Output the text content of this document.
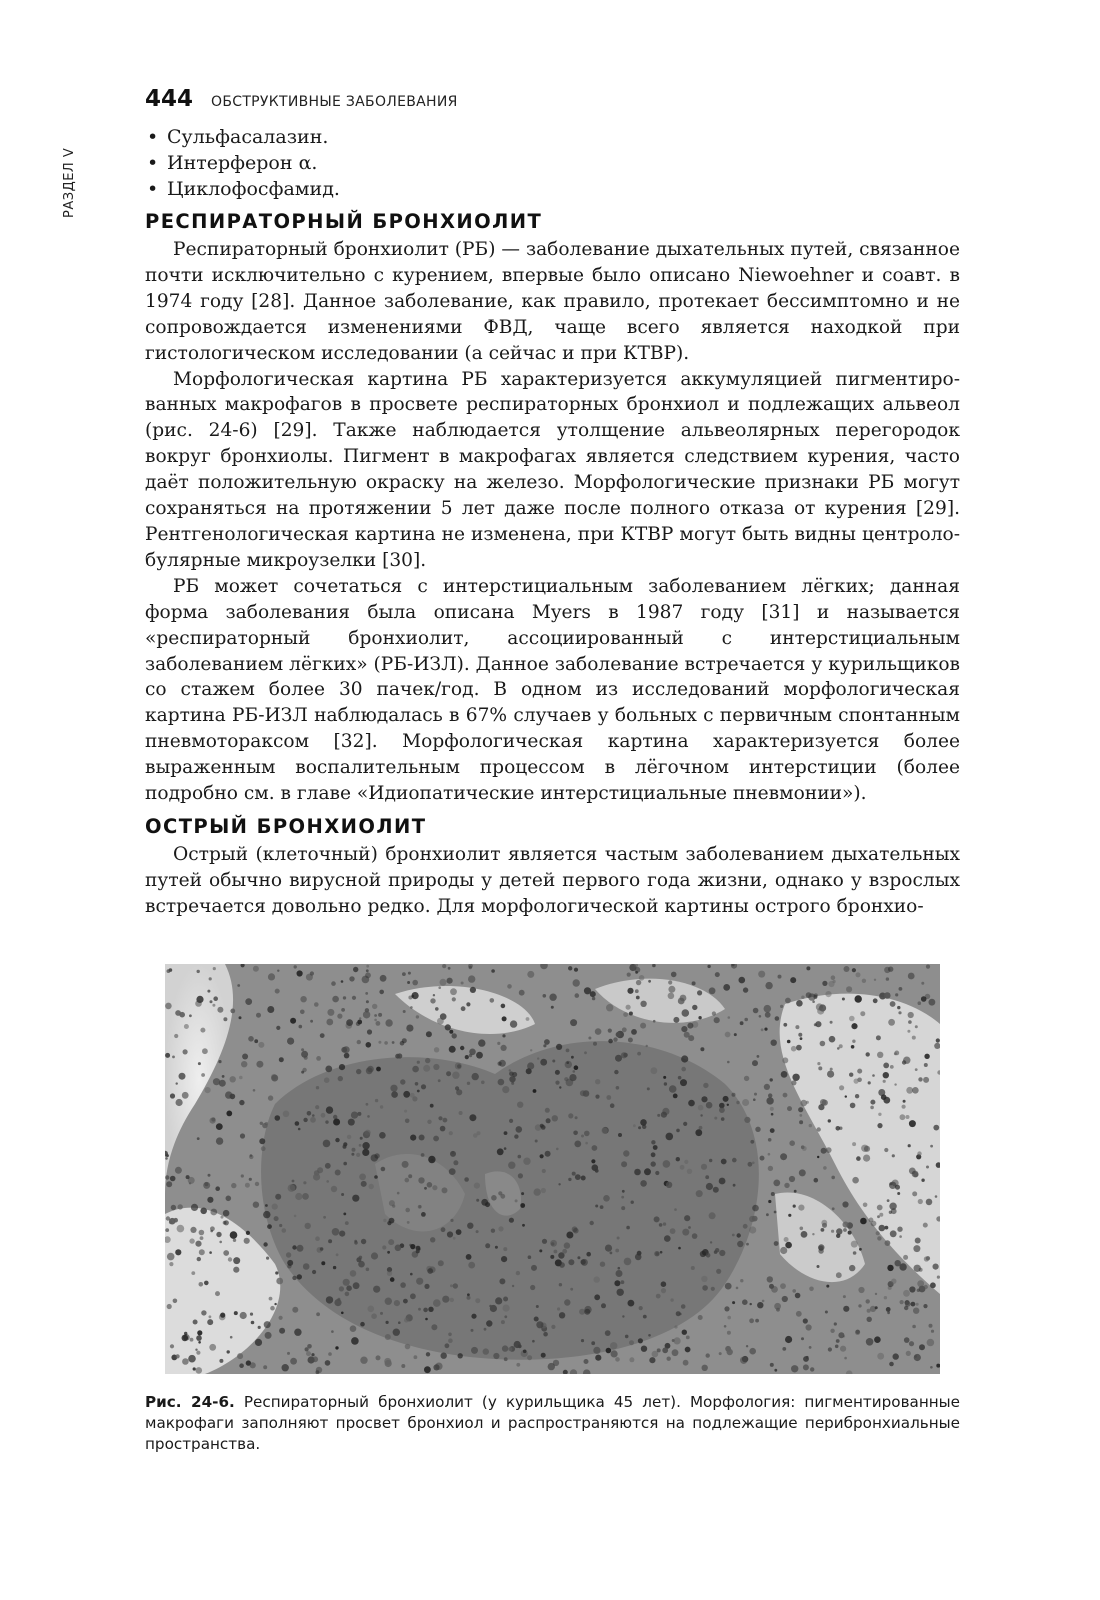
РАЗДЕЛ V
444 ОБСТРУКТИВНЫЕ ЗАБОЛЕВАНИЯ
• Сульфасалазин.
• Интерферон α.
• Циклофосфамид.
РЕСПИРАТОРНЫЙ БРОНХИОЛИТ

Респираторный бронхиолит (РБ) — заболевание дыхательных путей, связанное почти исключительно с курением, впервые было описано Niewoehner и соавт. в 1974 году [28]. Данное заболевание, как правило, протекает бессимптомно и не сопровождается изменениями ФВД, чаще всего является находкой при гистологическом исследовании (а сейчас и при КТВР).

Морфологическая картина РБ характеризуется аккумуляцией пигментированных макрофагов в просвете респираторных бронхиол и подлежащих альвеол (рис. 24-6) [29]. Также наблюдается утолщение альвеолярных перегородок вокруг бронхиолы. Пигмент в макрофагах является следствием курения, часто даёт положительную окраску на железо. Морфологические признаки РБ могут сохраняться на протяжении 5 лет даже после полного отказа от курения [29]. Рентгенологическая картина не изменена, при КТВР могут быть видны центролобулярные микроузелки [30].

РБ может сочетаться с интерстициальным заболеванием лёгких; данная форма заболевания была описана Myers в 1987 году [31] и называется «респираторный бронхиолит, ассоциированный с интерстициальным заболеванием лёгких» (РБ-ИЗЛ). Данное заболевание встречается у курильщиков со стажем более 30 пачек/год. В одном из исследований морфологическая картина РБ-ИЗЛ наблюдалась в 67% случаев у больных с первичным спонтанным пневмотораксом [32]. Морфологическая картина характеризуется более выраженным воспалительным процессом в лёгочном интерстиции (более подробно см. в главе «Идиопатические интерстициальные пневмонии»).

ОСТРЫЙ БРОНХИОЛИТ

Острый (клеточный) бронхиолит является частым заболеванием дыхательных путей обычно вирусной природы у детей первого года жизни, однако у взрослых встречается довольно редко. Для морфологической картины острого бронхио-

Рис. 24-6. Респираторный бронхиолит (у курильщика 45 лет). Морфология: пигментированные макрофаги заполняют просвет бронхиол и распространяются на подлежащие перибронхиальные пространства.
